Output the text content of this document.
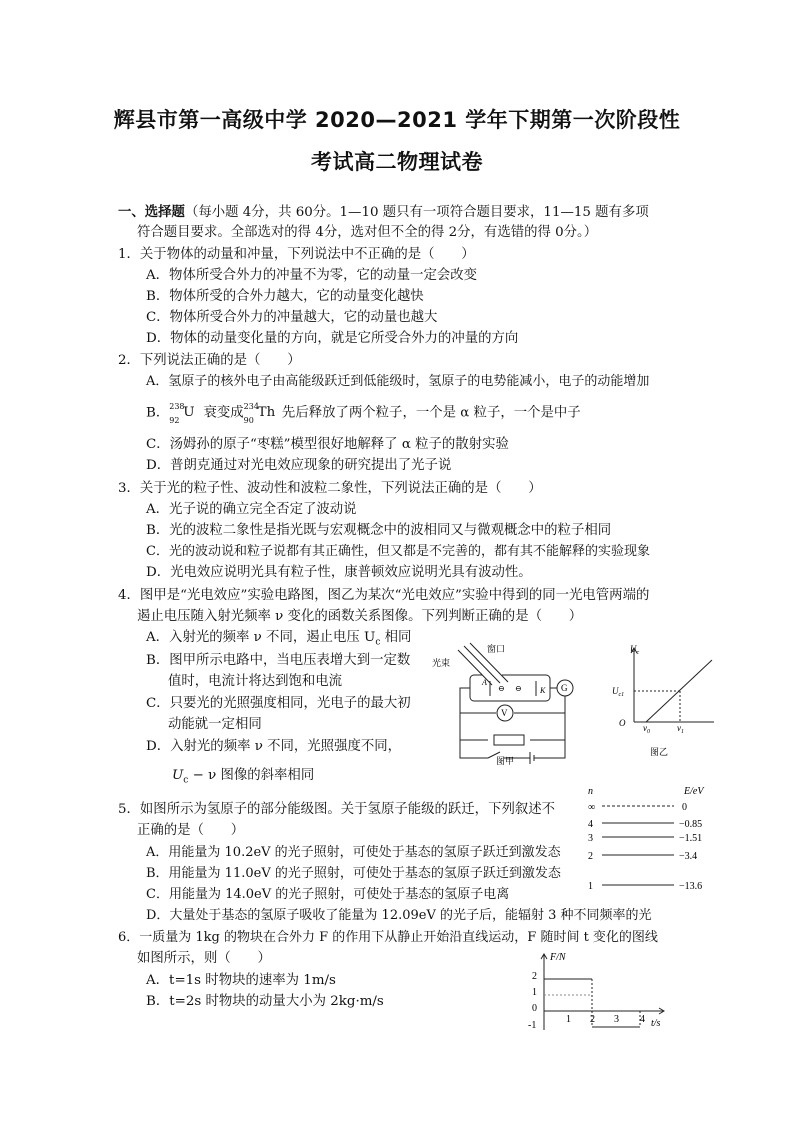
辉县市第一高级中学 2020—2021 学年下期第一次阶段性
考试高二物理试卷
一、选择题（每小题 4分，共 60分。1—10 题只有一项符合题目要求，11—15 题有多项
符合题目要求。全部选对的得 4分，选对但不全的得 2分，有选错的得 0分。）
1．关于物体的动量和冲量，下列说法中不正确的是（　　）
A．物体所受合外力的冲量不为零，它的动量一定会改变
B．物体所受的合外力越大，它的动量变化越快
C．物体所受合外力的冲量越大，它的动量也越大
D．物体的动量变化量的方向，就是它所受合外力的冲量的方向
2．下列说法正确的是（　　）
A．氢原子的核外电子由高能级跃迁到低能级时，氢原子的电势能减小，电子的动能增加
B． 238
92
U 衰变成 234
90
Th 先后释放了两个粒子，一个是 α 粒子，一个是中子
C．汤姆孙的原子“枣糕”模型很好地解释了 α 粒子的散射实验
D．普朗克通过对光电效应现象的研究提出了光子说
3．关于光的粒子性、波动性和波粒二象性，下列说法正确的是（　　）
A．光子说的确立完全否定了波动说
B．光的波粒二象性是指光既与宏观概念中的波相同又与微观概念中的粒子相同
C．光的波动说和粒子说都有其正确性，但又都是不完善的，都有其不能解释的实验现象
D．光电效应说明光具有粒子性，康普顿效应说明光具有波动性。
4．图甲是“光电效应”实验电路图，图乙为某次“光电效应”实验中得到的同一光电管两端的
遏止电压随入射光频率 ν 变化的函数关系图像。下列判断正确的是（　　）
A．入射光的频率 ν 不同，遏止电压 $U_c$ 相同
B．图甲所示电路中，当电压表增大到一定数
值时，电流计将达到饱和电流
C．只要光的光照强度相同，光电子的最大初
动能就一定相同
D．入射光的频率 ν 不同，光照强度不同，
$U_c - \nu$ 图像的斜率相同
窗口
光束
A
⊖ ⊖ K G
V
图甲
$U_c$
$U_{c1}$
O $\nu_0$	$\nu_1$
图乙
5．如图所示为氢原子的部分能级图。关于氢原子能级的跃迁，下列叙述不
正确的是（　　）
A．用能量为 10.2eV 的光子照射，可使处于基态的氢原子跃迁到激发态
B．用能量为 11.0eV 的光子照射，可使处于基态的氢原子跃迁到激发态
C．用能量为 14.0eV 的光子照射，可使处于基态的氢原子电离
D．大量处于基态的氢原子吸收了能量为 12.09eV 的光子后，能辐射 3 种不同频率的光
n	E/eV
∞	0
4	−0.85
3	−1.51
2	−3.4
1	−13.6
6．一质量为 1kg 的物块在合外力 F 的作用下从静止开始沿直线运动，F 随时间 t 变化的图线
如图所示，则（　　）
A．t=1s 时物块的速率为 1m/s
B．t=2s 时物块的动量大小为 2kg·m/s
F/N
t/s
2
1
0
-1
1 2 3 4
